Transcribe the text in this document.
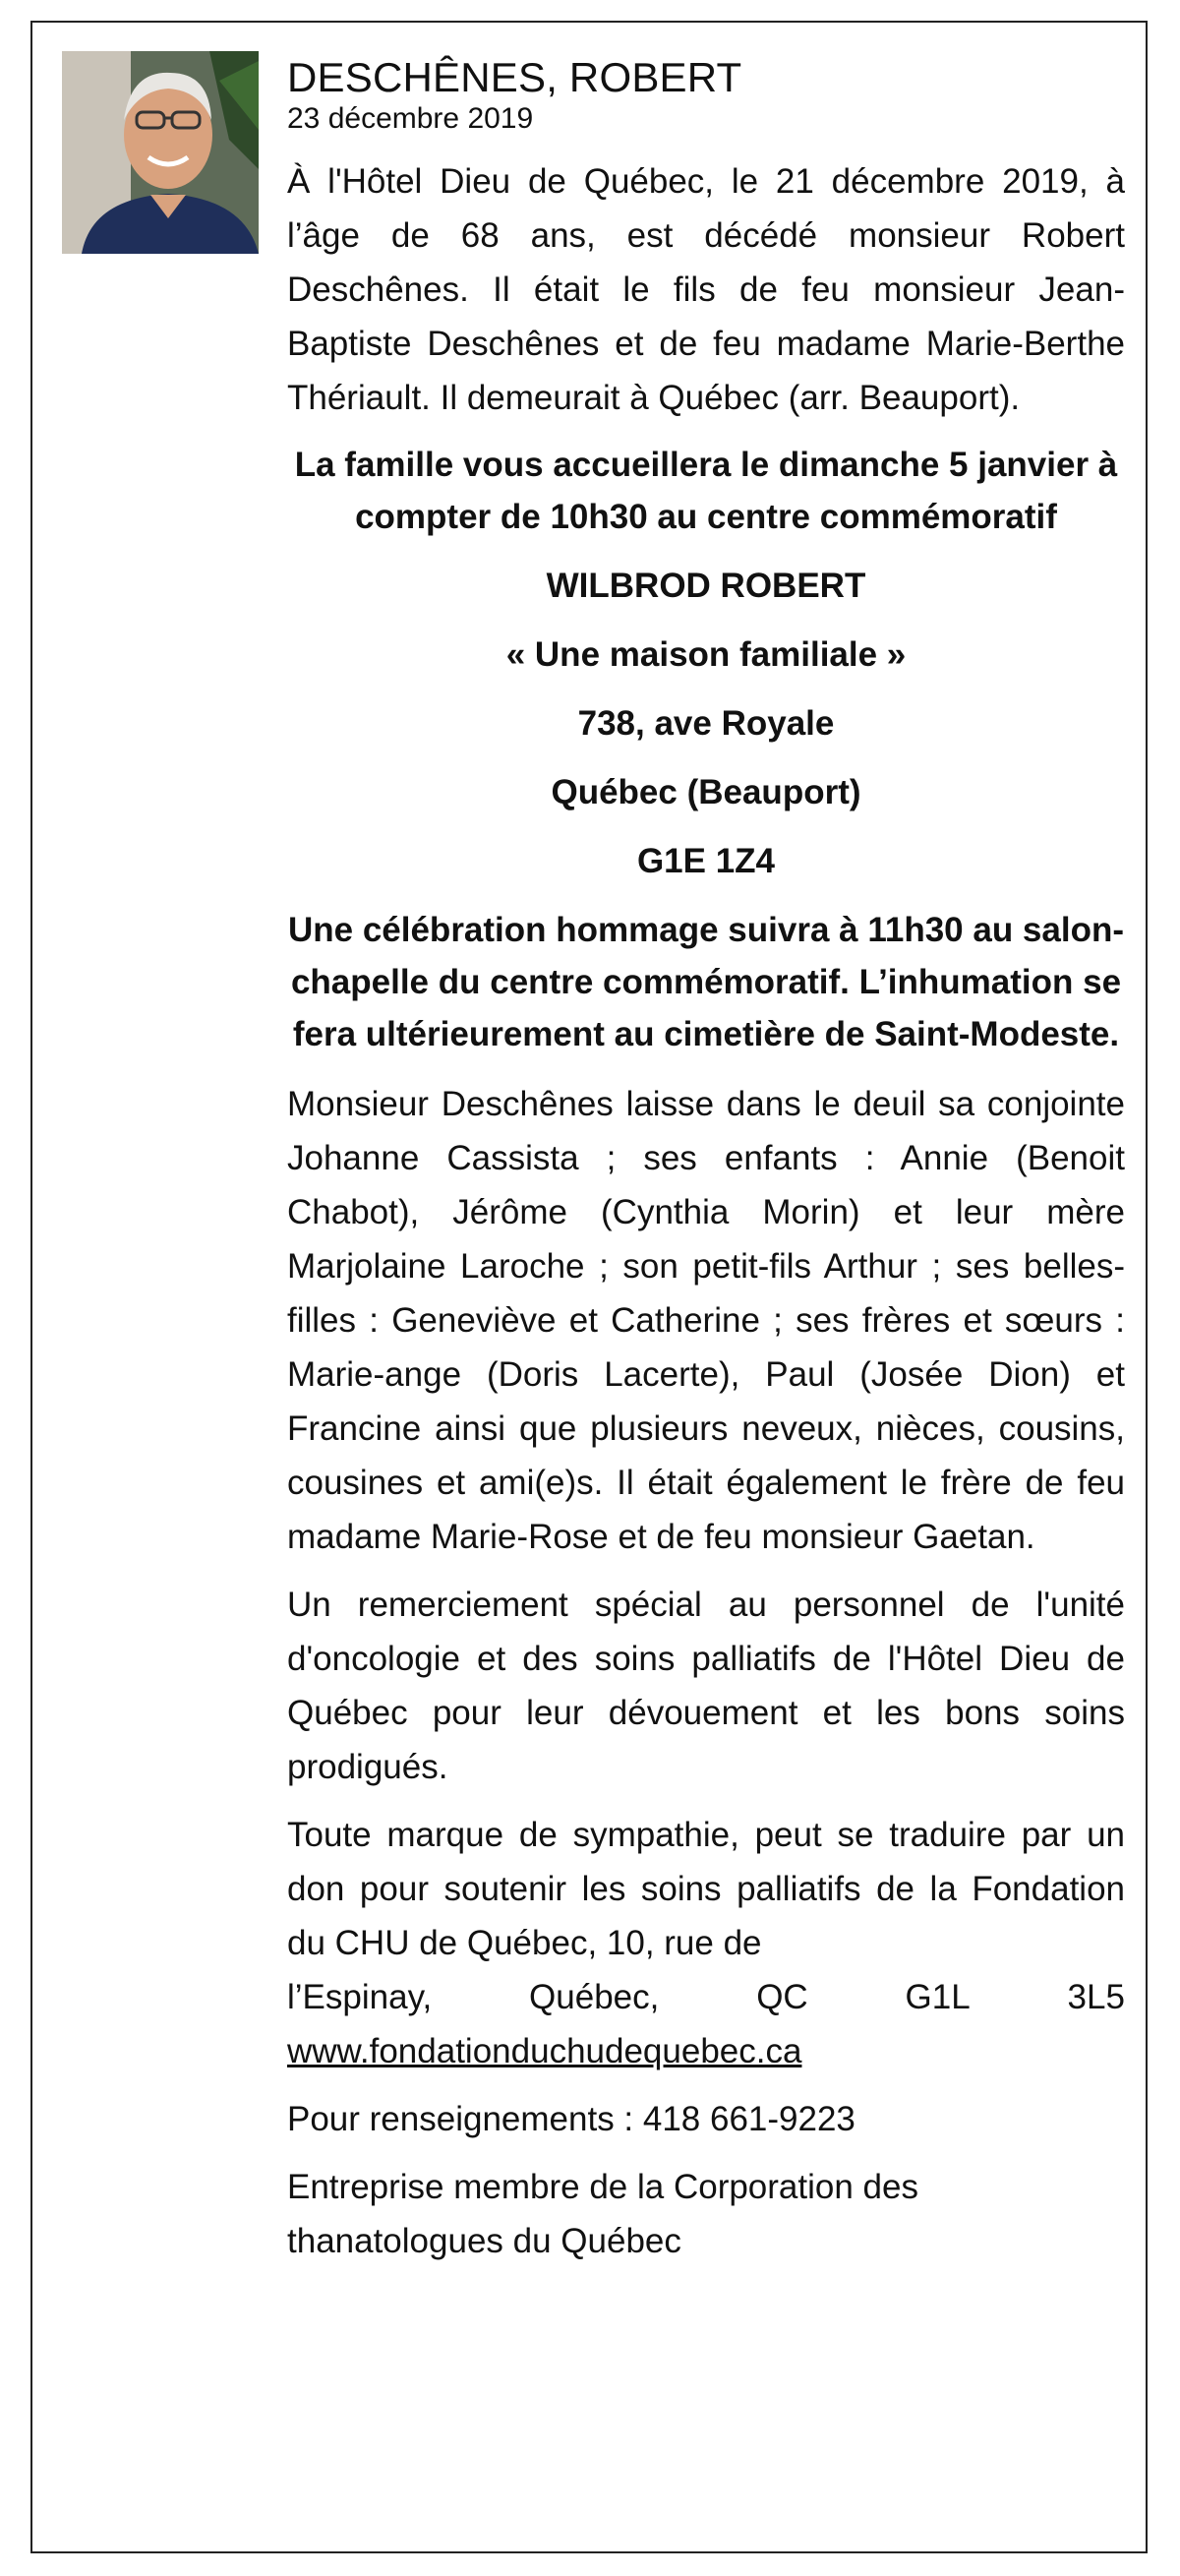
DESCHÊNES, ROBERT

23 décembre 2019

À l'Hôtel Dieu de Québec, le 21 décembre 2019, à l’âge de 68 ans, est décédé monsieur Robert Deschênes. Il était le fils de feu monsieur Jean-Baptiste Deschênes et de feu madame Marie-Berthe Thériault. Il demeurait à Québec (arr. Beauport).

La famille vous accueillera le dimanche 5 janvier à compter de 10h30 au centre commémoratif

WILBROD ROBERT

« Une maison familiale »

738, ave Royale

Québec (Beauport)

G1E 1Z4

Une célébration hommage suivra à 11h30 au salon-chapelle du centre commémoratif. L’inhumation se fera ultérieurement au cimetière de Saint-Modeste.

Monsieur Deschênes laisse dans le deuil sa conjointe Johanne Cassista ; ses enfants : Annie (Benoit Chabot), Jérôme (Cynthia Morin) et leur mère Marjolaine Laroche ; son petit-fils Arthur ; ses belles-filles : Geneviève et Catherine ; ses frères et sœurs : Marie-ange (Doris Lacerte), Paul (Josée Dion) et Francine ainsi que plusieurs neveux, nièces, cousins, cousines et ami(e)s. Il était également le frère de feu madame Marie-Rose et de feu monsieur Gaetan.

Un remerciement spécial au personnel de l'unité d'oncologie et des soins palliatifs de l'Hôtel Dieu de Québec pour leur dévouement et les bons soins prodigués.

Toute marque de sympathie, peut se traduire par un don pour soutenir les soins palliatifs de la Fondation du CHU de Québec, 10, rue de
l’Espinay,	Québec,	QC	G1L	3L5
www.fondationduchudequebec.ca

Pour renseignements : 418 661-9223

Entreprise membre de la Corporation des thanatologues du Québec
